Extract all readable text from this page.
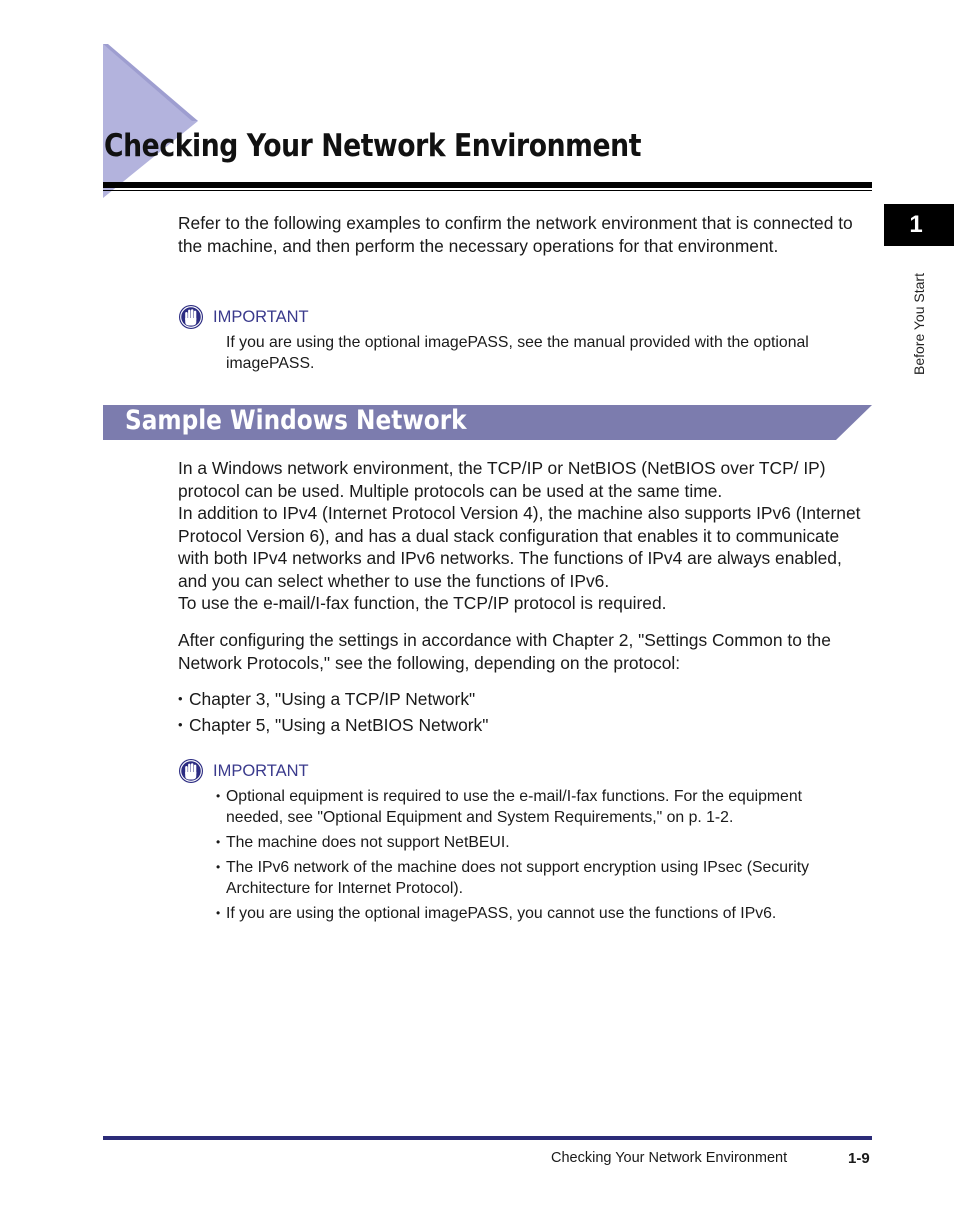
Checking Your Network Environment
1
Before You Start

Refer to the following examples to confirm the network environment that is connected to the machine, and then perform the necessary operations for that environment.

IMPORTANT

If you are using the optional imagePASS, see the manual provided with the optional imagePASS.

Sample Windows Network

In a Windows network environment, the TCP/IP or NetBIOS (NetBIOS over TCP/ IP) protocol can be used. Multiple protocols can be used at the same time.

In addition to IPv4 (Internet Protocol Version 4), the machine also supports IPv6 (Internet Protocol Version 6), and has a dual stack configuration that enables it to communicate with both IPv4 networks and IPv6 networks. The functions of IPv4 are always enabled, and you can select whether to use the functions of IPv6.

To use the e-mail/I-fax function, the TCP/IP protocol is required.

After configuring the settings in accordance with Chapter 2, "Settings Common to the Network Protocols," see the following, depending on the protocol:

• Chapter 3, "Using a TCP/IP Network"
• Chapter 5, "Using a NetBIOS Network"
IMPORTANT
• Optional equipment is required to use the e-mail/I-fax functions. For the equipment needed, see "Optional Equipment and System Requirements," on p. 1-2.
• The machine does not support NetBEUI.
• The IPv6 network of the machine does not support encryption using IPsec (Security Architecture for Internet Protocol).
• If you are using the optional imagePASS, you cannot use the functions of IPv6.
Checking Your Network Environment	1-9
